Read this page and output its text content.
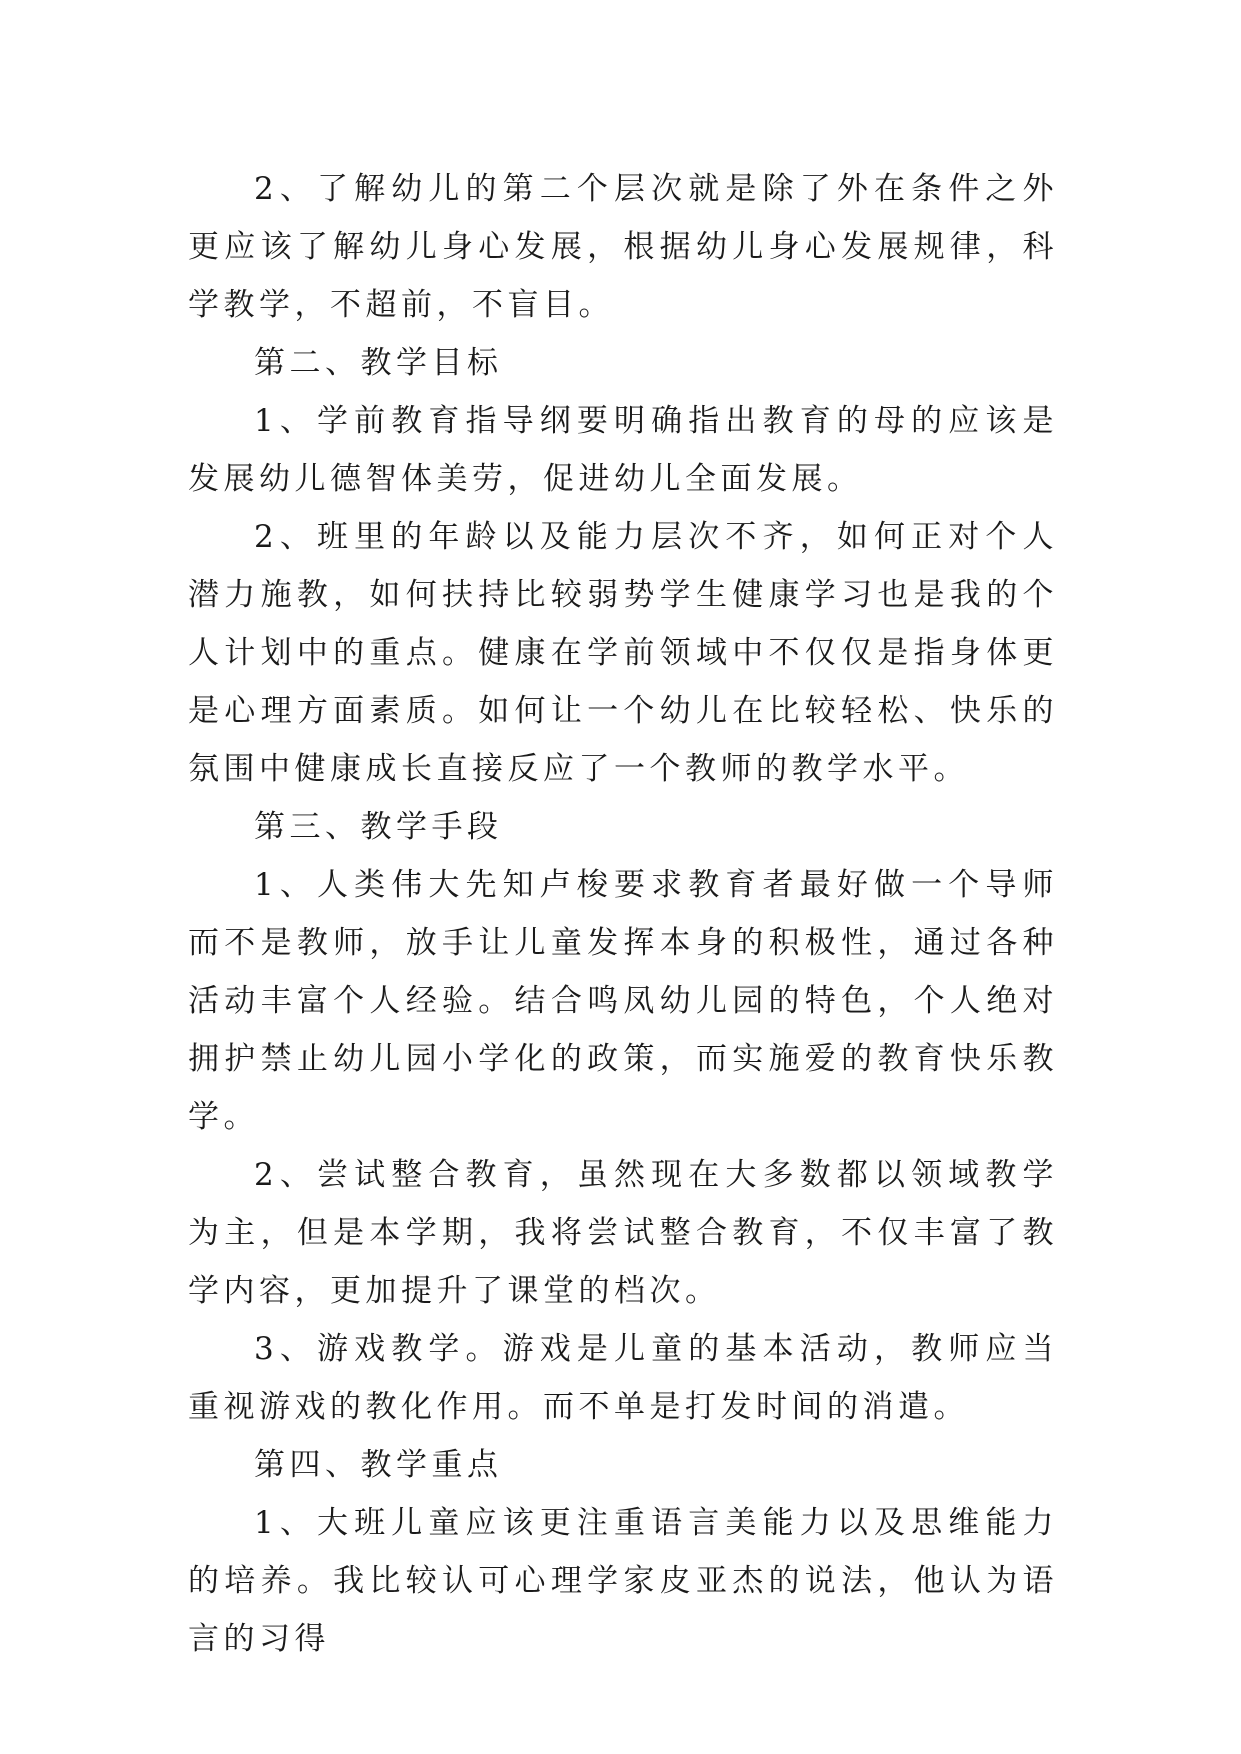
2、了解幼儿的第二个层次就是除了外在条件之外更应该了解幼儿身心发展，根据幼儿身心发展规律，科学教学，不超前，不盲目。

第二、教学目标

1、学前教育指导纲要明确指出教育的母的应该是发展幼儿德智体美劳，促进幼儿全面发展。

2、班里的年龄以及能力层次不齐，如何正对个人潜力施教，如何扶持比较弱势学生健康学习也是我的个人计划中的重点。健康在学前领域中不仅仅是指身体更是心理方面素质。如何让一个幼儿在比较轻松、快乐的氛围中健康成长直接反应了一个教师的教学水平。

第三、教学手段

1、人类伟大先知卢梭要求教育者最好做一个导师而不是教师，放手让儿童发挥本身的积极性，通过各种活动丰富个人经验。结合鸣凤幼儿园的特色，个人绝对拥护禁止幼儿园小学化的政策，而实施爱的教育快乐教学。

2、尝试整合教育，虽然现在大多数都以领域教学为主，但是本学期，我将尝试整合教育，不仅丰富了教学内容，更加提升了课堂的档次。

3、游戏教学。游戏是儿童的基本活动，教师应当重视游戏的教化作用。而不单是打发时间的消遣。

第四、教学重点

1、大班儿童应该更注重语言美能力以及思维能力的培养。我比较认可心理学家皮亚杰的说法，他认为语言的习得
